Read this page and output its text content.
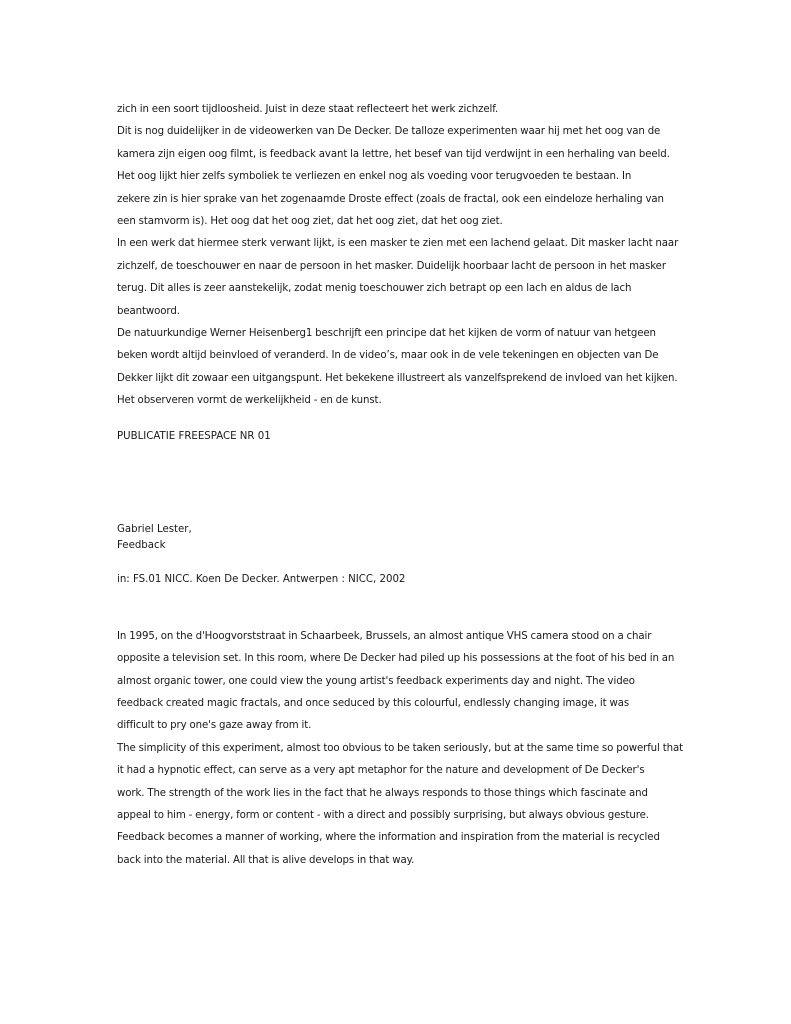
zich in een soort tijdloosheid. Juist in deze staat reflecteert het werk zichzelf.
Dit is nog duidelijker in de videowerken van De Decker. De talloze experimenten waar hij met het oog van de
kamera zijn eigen oog filmt, is feedback avant la lettre, het besef van tijd verdwijnt in een herhaling van beeld.
Het oog lijkt hier zelfs symboliek te verliezen en enkel nog als voeding voor terugvoeden te bestaan. In
zekere zin is hier sprake van het zogenaamde Droste effect (zoals de fractal, ook een eindeloze herhaling van
een stamvorm is). Het oog dat het oog ziet, dat het oog ziet, dat het oog ziet.
In een werk dat hiermee sterk verwant lijkt, is een masker te zien met een lachend gelaat. Dit masker lacht naar
zichzelf, de toeschouwer en naar de persoon in het masker. Duidelijk hoorbaar lacht de persoon in het masker
terug. Dit alles is zeer aanstekelijk, zodat menig toeschouwer zich betrapt op een lach en aldus de lach
beantwoord.
De natuurkundige Werner Heisenberg1 beschrijft een principe dat het kijken de vorm of natuur van hetgeen
beken wordt altijd beinvloed of veranderd. In de video’s, maar ook in de vele tekeningen en objecten van De
Dekker lijkt dit zowaar een uitgangspunt. Het bekekene illustreert als vanzelfsprekend de invloed van het kijken.
Het observeren vormt de werkelijkheid - en de kunst.

PUBLICATIE FREESPACE NR 01

Gabriel Lester,

Feedback

in: FS.01 NICC. Koen De Decker. Antwerpen : NICC, 2002

In 1995, on the d'Hoogvorststraat in Schaarbeek, Brussels, an almost antique VHS camera stood on a chair
opposite a television set. In this room, where De Decker had piled up his possessions at the foot of his bed in an
almost organic tower, one could view the young artist's feedback experiments day and night. The video
feedback created magic fractals, and once seduced by this colourful, endlessly changing image, it was
difficult to pry one's gaze away from it.
The simplicity of this experiment, almost too obvious to be taken seriously, but at the same time so powerful that
it had a hypnotic effect, can serve as a very apt metaphor for the nature and development of De Decker's
work. The strength of the work lies in the fact that he always responds to those things which fascinate and
appeal to him - energy, form or content - with a direct and possibly surprising, but always obvious gesture.
Feedback becomes a manner of working, where the information and inspiration from the material is recycled
back into the material. All that is alive develops in that way.
